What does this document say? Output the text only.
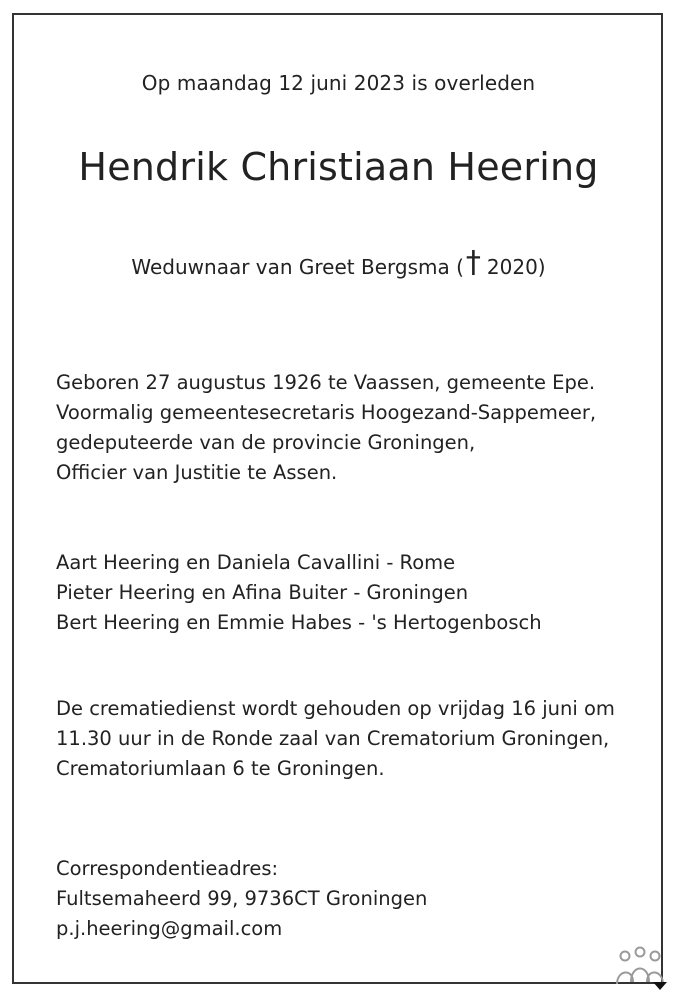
Op maandag 12 juni 2023 is overleden
Hendrik Christiaan Heering
Weduwnaar van Greet Bergsma († 2020)
Geboren 27 augustus 1926 te Vaassen, gemeente Epe.
Voormalig gemeentesecretaris Hoogezand-Sappemeer,
gedeputeerde van de provincie Groningen,
Officier van Justitie te Assen.
Aart Heering en Daniela Cavallini - Rome
Pieter Heering en Afina Buiter - Groningen
Bert Heering en Emmie Habes - 's Hertogenbosch
De crematiedienst wordt gehouden op vrijdag 16 juni om
11.30 uur in de Ronde zaal van Crematorium Groningen,
Crematoriumlaan 6 te Groningen.
Correspondentieadres:
Fultsemaheerd 99, 9736CT Groningen
p.j.heering@gmail.com
